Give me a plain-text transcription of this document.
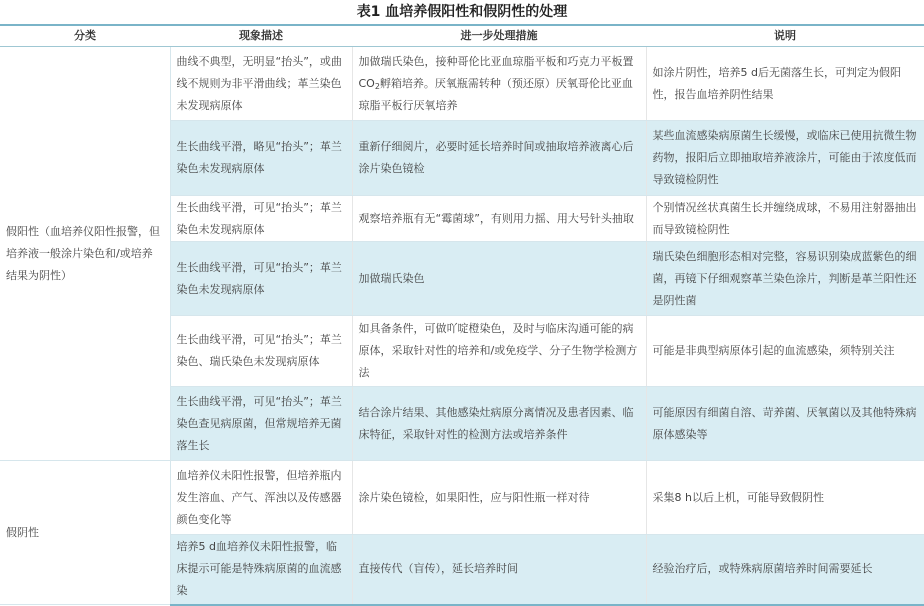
表1 血培养假阳性和假阴性的处理
分类	现象描述	进一步处理措施	说明
假阳性（血培养仪阳性报警，但培养液一般涂片染色和/或培养结果为阴性）	曲线不典型，无明显“抬头”，或曲线不规则为非平滑曲线；革兰染色未发现病原体	加做瑞氏染色，接种哥伦比亚血琼脂平板和巧克力平板置$CO_2$孵箱培养。厌氧瓶需转种（预还原）厌氧哥伦比亚血琼脂平板行厌氧培养	如涂片阴性，培养5 d后无菌落生长，可判定为假阳性，报告血培养阴性结果
	生长曲线平滑，略见“抬头”；革兰染色未发现病原体	重新仔细阅片，必要时延长培养时间或抽取培养液离心后涂片染色镜检	某些血流感染病原菌生长缓慢，或临床已使用抗微生物药物，报阳后立即抽取培养液涂片，可能由于浓度低而导致镜检阴性
	生长曲线平滑，可见“抬头”；革兰染色未发现病原体	观察培养瓶有无“霉菌球”，有则用力摇、用大号针头抽取	个别情况丝状真菌生长并缠绕成球，不易用注射器抽出而导致镜检阴性
	生长曲线平滑，可见“抬头”；革兰染色未发现病原体	加做瑞氏染色	瑞氏染色细胞形态相对完整，容易识别染成蓝紫色的细菌，再镜下仔细观察革兰染色涂片，判断是革兰阳性还是阴性菌
	生长曲线平滑，可见“抬头”；革兰染色、瑞氏染色未发现病原体	如具备条件，可做吖啶橙染色，及时与临床沟通可能的病原体，采取针对性的培养和/或免疫学、分子生物学检测方法	可能是非典型病原体引起的血流感染，须特别关注
	生长曲线平滑，可见“抬头”；革兰染色查见病原菌，但常规培养无菌落生长	结合涂片结果、其他感染灶病原分离情况及患者因素、临床特征，采取针对性的检测方法或培养条件	可能原因有细菌自溶、苛养菌、厌氧菌以及其他特殊病原体感染等
假阴性	血培养仪未阳性报警，但培养瓶内发生溶血、产气、浑浊以及传感器颜色变化等	涂片染色镜检，如果阳性，应与阳性瓶一样对待	采集8 h以后上机，可能导致假阴性
	培养5 d血培养仪未阳性报警，临床提示可能是特殊病原菌的血流感染	直接传代（盲传），延长培养时间	经验治疗后，或特殊病原菌培养时间需要延长
